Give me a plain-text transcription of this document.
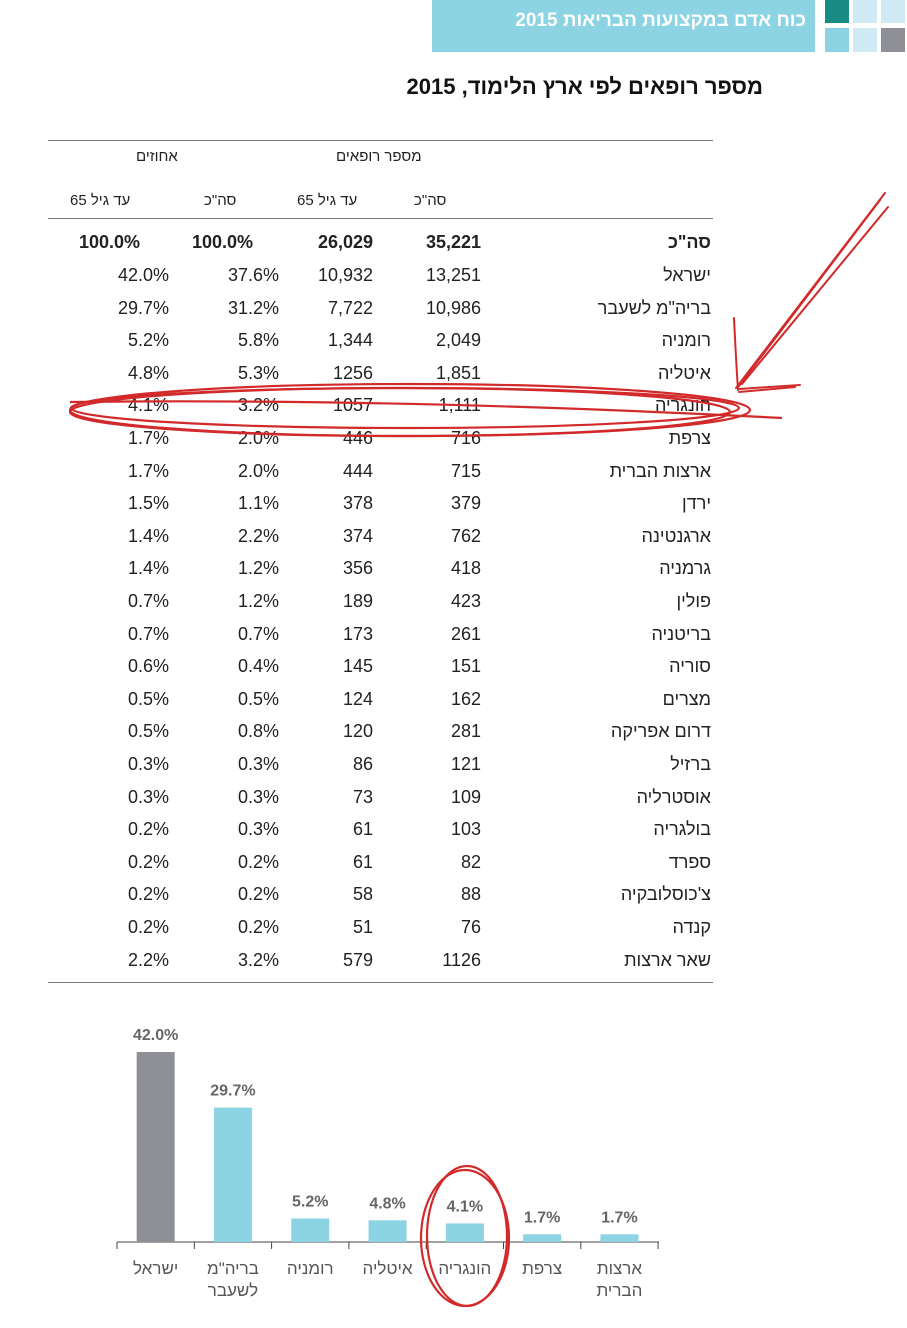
כוח אדם במקצועות הבריאות 2015
מספר רופאים לפי ארץ הלימוד, 2015
מספר רופאים
אחוזים
סה"כ
עד גיל 65
סה"כ
עד גיל 65
סה"כ
35,221
26,029
100.0%
100.0%
ישראל
13,251
10,932
37.6%
42.0%
בריה"מ לשעבר
10,986
7,722
31.2%
29.7%
רומניה
2,049
1,344
5.8%
5.2%
איטליה
1,851
1256
5.3%
4.8%
הונגריה
1,111
1057
3.2%
4.1%
צרפת
716
446
2.0%
1.7%
ארצות הברית
715
444
2.0%
1.7%
ירדן
379
378
1.1%
1.5%
ארגנטינה
762
374
2.2%
1.4%
גרמניה
418
356
1.2%
1.4%
פולין
423
189
1.2%
0.7%
בריטניה
261
173
0.7%
0.7%
סוריה
151
145
0.4%
0.6%
מצרים
162
124
0.5%
0.5%
דרום אפריקה
281
120
0.8%
0.5%
ברזיל
121
86
0.3%
0.3%
אוסטרליה
109
73
0.3%
0.3%
בולגריה
103
61
0.3%
0.2%
ספרד
82
61
0.2%
0.2%
צ'כוסלובקיה
88
58
0.2%
0.2%
קנדה
76
51
0.2%
0.2%
שאר ארצות
1126
579
3.2%
2.2%
42.0%
ישראל
29.7%
בריה"מ
לשעבר
5.2%
רומניה
4.8%
איטליה
4.1%
הונגריה
1.7%
צרפת
1.7%
ארצות
הברית
